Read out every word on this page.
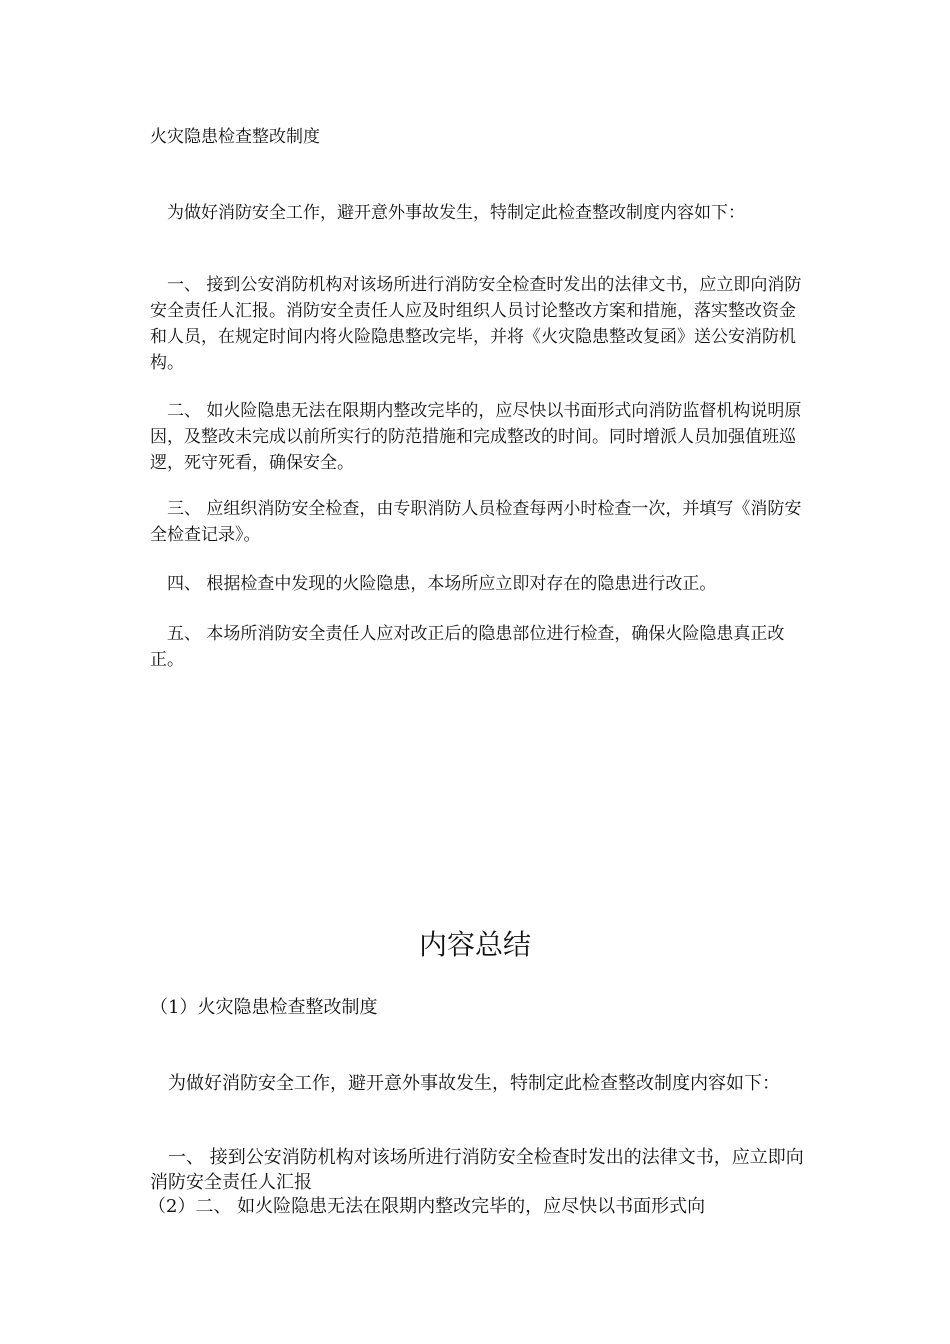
火灾隐患检查整改制度

　为做好消防安全工作，避开意外事故发生，特制定此检查整改制度内容如下：

　一、 接到公安消防机构对该场所进行消防安全检查时发出的法律文书，应立即向消防安全责任人汇报。消防安全责任人应及时组织人员讨论整改方案和措施，落实整改资金和人员，在规定时间内将火险隐患整改完毕，并将《火灾隐患整改复函》送公安消防机构。

　二、 如火险隐患无法在限期内整改完毕的，应尽快以书面形式向消防监督机构说明原因，及整改未完成以前所实行的防范措施和完成整改的时间。同时增派人员加强值班巡逻，死守死看，确保安全。

　三、 应组织消防安全检查，由专职消防人员检查每两小时检查一次，并填写《消防安全检查记录》。

　四、 根据检查中发现的火险隐患，本场所应立即对存在的隐患进行改正。

　五、 本场所消防安全责任人应对改正后的隐患部位进行检查，确保火险隐患真正改正。

内容总结

（1）火灾隐患检查整改制度

　为做好消防安全工作，避开意外事故发生，特制定此检查整改制度内容如下：

　一、 接到公安消防机构对该场所进行消防安全检查时发出的法律文书，应立即向消防安全责任人汇报

（2）二、 如火险隐患无法在限期内整改完毕的，应尽快以书面形式向
